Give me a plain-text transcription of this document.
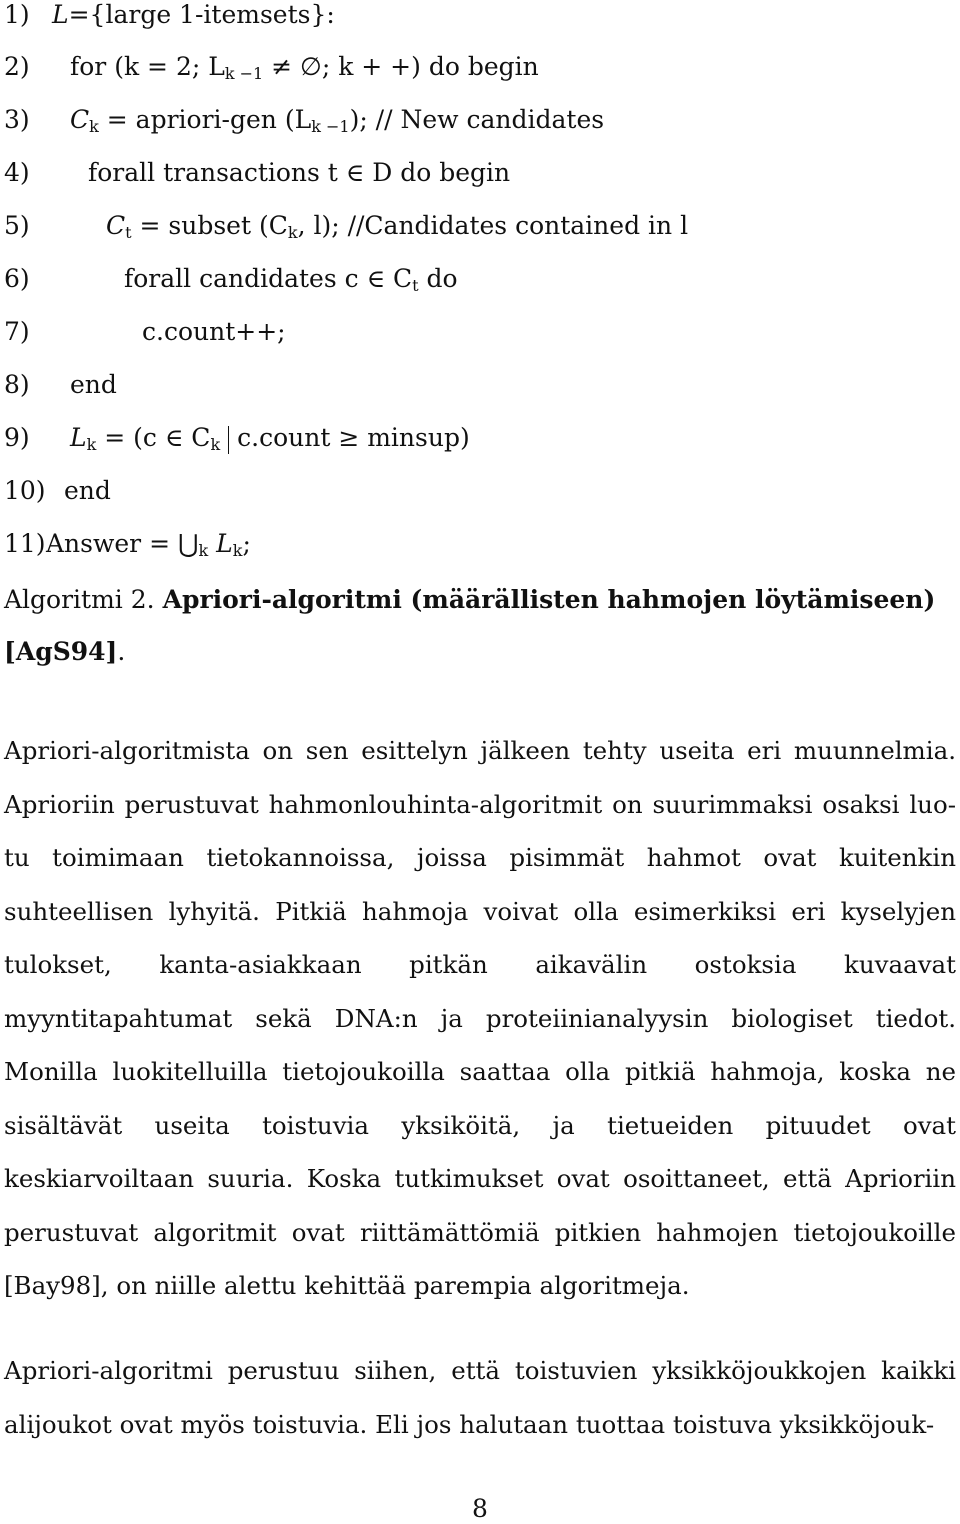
1) L={large 1-itemsets}:
2) for (k = 2; $L_{k -1}$ ≠ ∅; k + +) do begin
3) $C_k$ = apriori-gen $(L_{k -1})$; // New candidates
4) forall transactions t ∈ D do begin
5)	$C_t$ = subset ($C_k$, l); //Candidates contained in l
6)	forall candidates c ∈ $C_t$ do
7)	c.count++;
8) end
9) $L_k = (c$ ∈ $C_k$ c.count ≥ minsup)
10) end
11)Answer = $⋃_k$ $L_k$;
Algoritmi 2. Apriori-algoritmi (määrällisten hahmojen löytämiseen) [AgS94].

Apriori-algoritmista on sen esittelyn jälkeen tehty useita eri muunnelmia. Aprioriin perustuvat hahmonlouhinta-algoritmit on suurimmaksi osaksi luotu toimimaan tietokannoissa, joissa pisimmät hahmot ovat kuitenkin suhteellisen lyhyitä. Pitkiä hahmoja voivat olla esimerkiksi eri kyselyjen tulokset, kanta-asiakkaan pitkän aikavälin ostoksia kuvaavat myyntitapahtumat sekä DNA:n ja proteiinianalyysin biologiset tiedot. Monilla luokitelluilla tietojoukoilla saattaa olla pitkiä hahmoja, koska ne sisältävät useita toistuvia yksiköitä, ja tietueiden pituudet ovat keskiarvoiltaan suuria. Koska tutkimukset ovat osoittaneet, että Aprioriin perustuvat algoritmit ovat riittämättömiä pitkien hahmojen tietojoukoille [Bay98], on niille alettu kehittää parempia algoritmeja.

Apriori-algoritmi perustuu siihen, että toistuvien yksikköjoukkojen kaikki alijoukot ovat myös toistuvia. Eli jos halutaan tuottaa toistuva yksikköjouk-

8
